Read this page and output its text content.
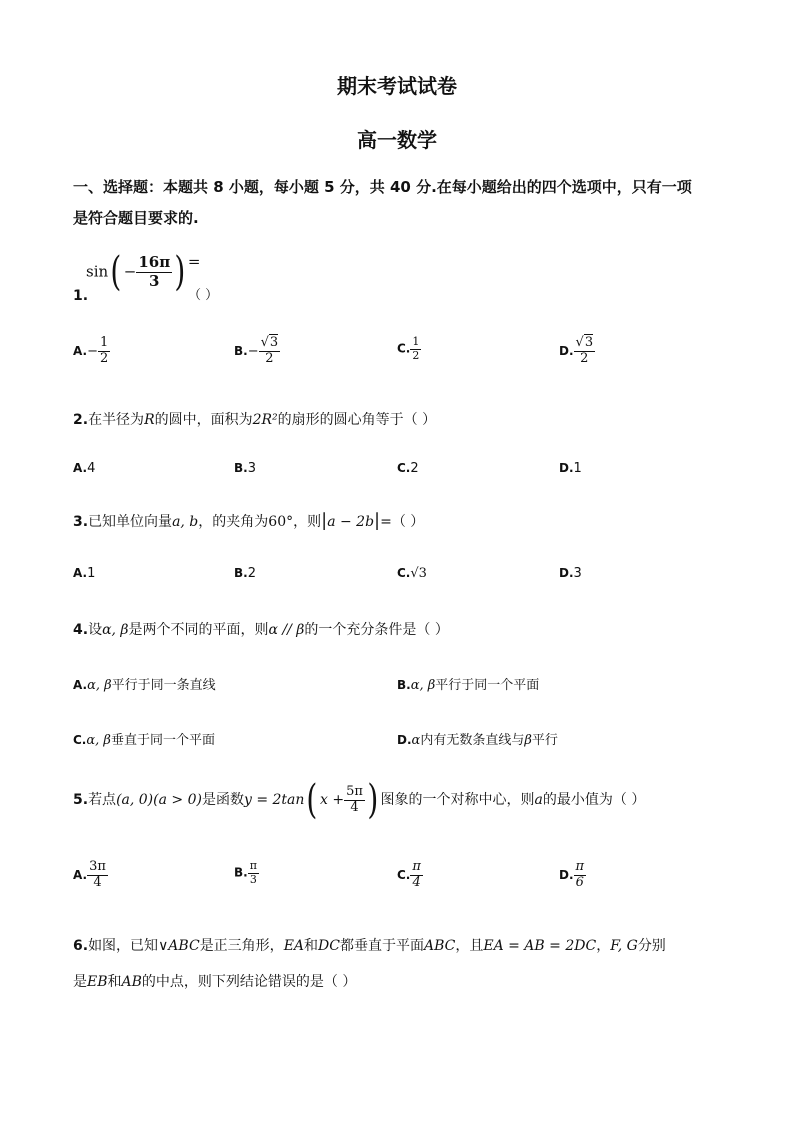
期末考试试卷
高一数学
一、选择题：本题共 8 小题，每小题 5 分，共 40 分.在每小题给出的四个选项中，只有一项
是符合题目要求的.
$\sin( - \frac{16\pi}{3}$ ) =
1.	（ ）
$A.- \frac{1}{2}$	$B.- \frac{√3}{2}$	C. $\frac{1}{2}$	D. $\frac{√3}{2}$
2.在半径为R的圆中，面积为2R²的扇形的圆心角等于（ ）
A.4	B.3	C.2	D.1
3.已知单位向量a, b，的夹角为60°，则|a − 2b|=（ ）
A.1	B.2	C.√3	D.3
4.设α, β是两个不同的平面，则α // β的一个充分条件是（ ）
A.α, β平行于同一条直线	B.α, β平行于同一个平面
C.α, β垂直于同一个平面	D.α内有无数条直线与β平行
5.若点(a, 0)(a > 0)是函数y = 2tan( $x + \frac{5\pi}{4}$ ) 图象的一个对称中心，则a的最小值为（ ）
A. $\frac{3\pi}{4}$	B. $\frac{\pi}{3}$	C. $\frac{\pi}{4}$	D. $\frac{\pi}{6}$
6.如图，已知∨ABC是正三角形，EA和DC都垂直于平面ABC，且EA = AB = 2DC，F, G分别
是EB和AB的中点，则下列结论错误的是（ ）
